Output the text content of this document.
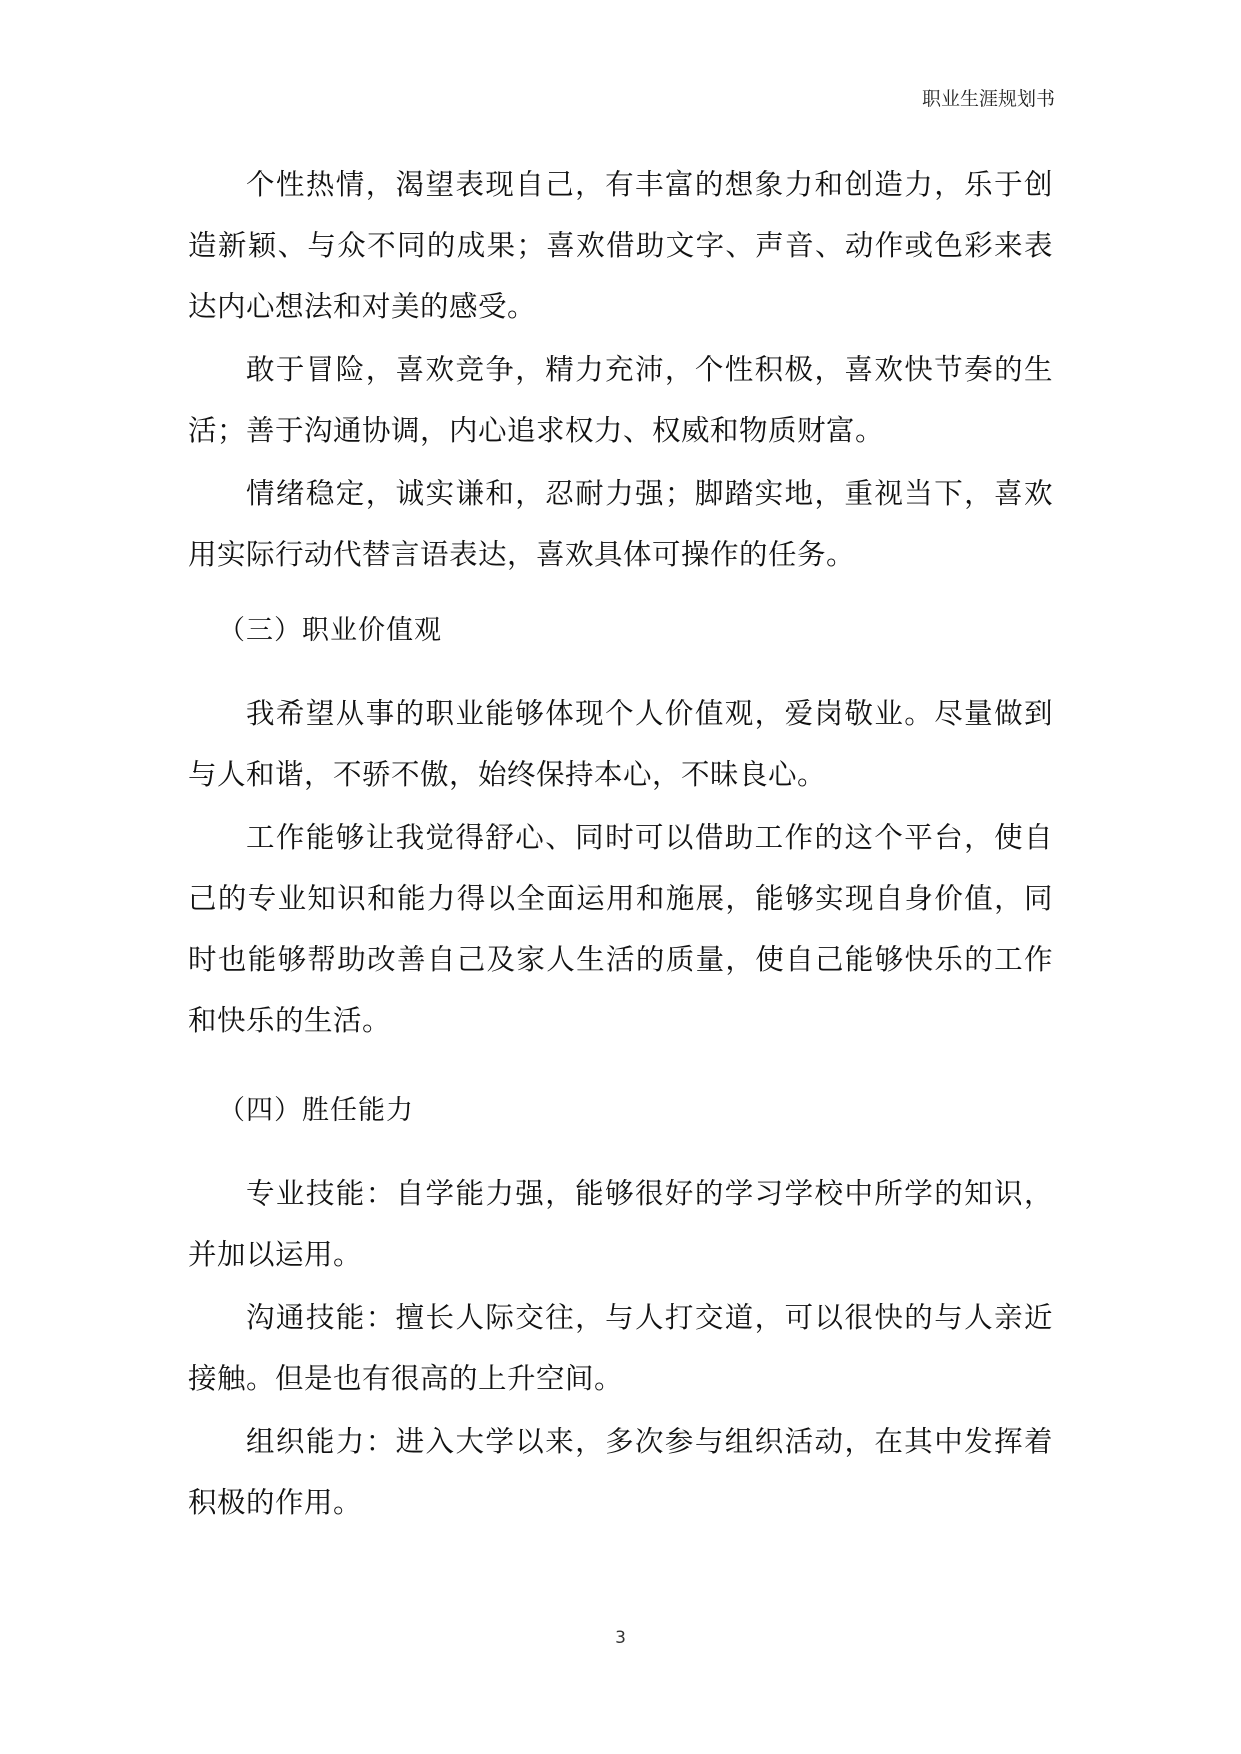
职业生涯规划书

个性热情，渴望表现自己，有丰富的想象力和创造力，乐于创造新颖、与众不同的成果；喜欢借助文字、声音、动作或色彩来表达内心想法和对美的感受。

敢于冒险，喜欢竞争，精力充沛，个性积极，喜欢快节奏的生活；善于沟通协调，内心追求权力、权威和物质财富。

情绪稳定，诚实谦和，忍耐力强；脚踏实地，重视当下，喜欢用实际行动代替言语表达，喜欢具体可操作的任务。

（三）职业价值观

我希望从事的职业能够体现个人价值观，爱岗敬业。尽量做到与人和谐，不骄不傲，始终保持本心，不昧良心。

工作能够让我觉得舒心、同时可以借助工作的这个平台，使自己的专业知识和能力得以全面运用和施展，能够实现自身价值，同时也能够帮助改善自己及家人生活的质量，使自己能够快乐的工作和快乐的生活。

（四）胜任能力

专业技能：自学能力强，能够很好的学习学校中所学的知识，并加以运用。

沟通技能：擅长人际交往，与人打交道，可以很快的与人亲近接触。但是也有很高的上升空间。

组织能力：进入大学以来，多次参与组织活动，在其中发挥着积极的作用。

3
